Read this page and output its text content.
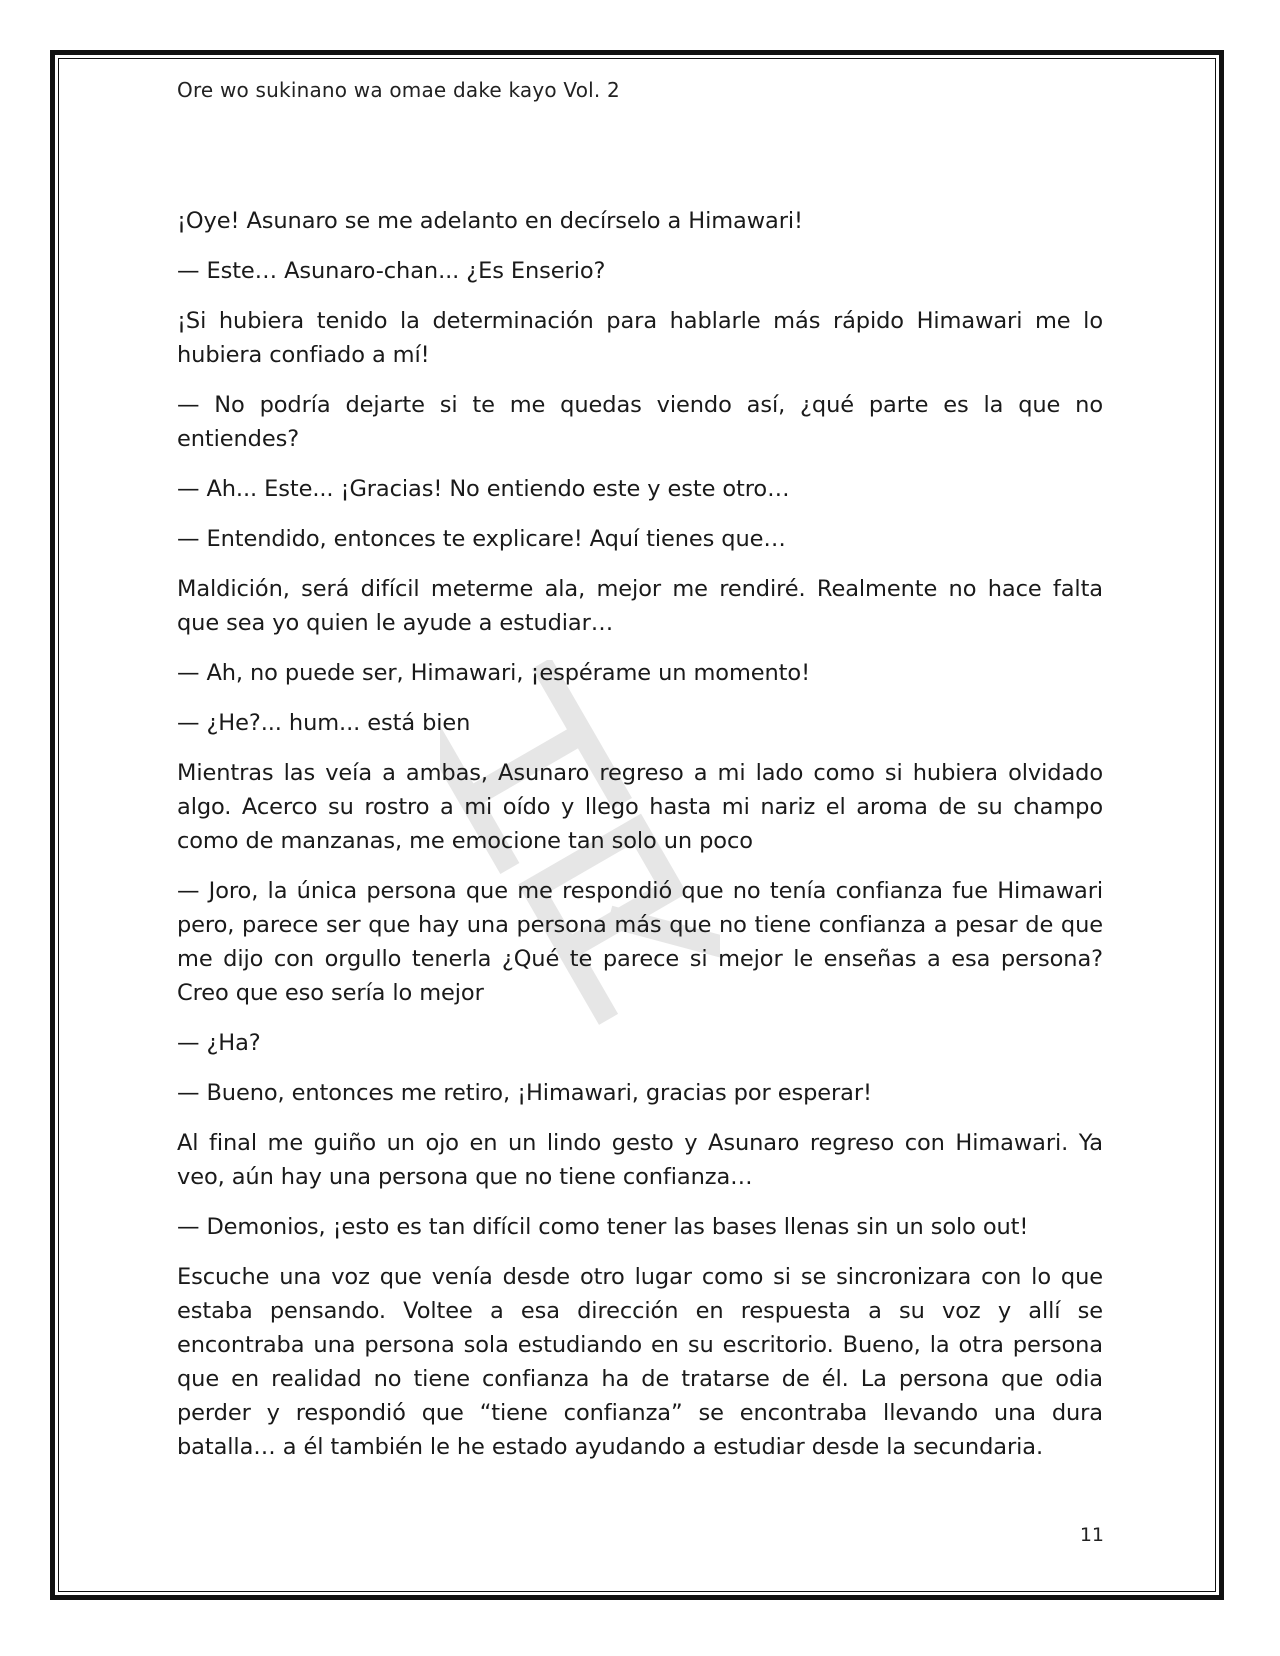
Ore wo sukinano wa omae dake kayo Vol. 2

¡Oye! Asunaro se me adelanto en decírselo a Himawari!

— Este… Asunaro-chan... ¿Es Enserio?

¡Si hubiera tenido la determinación para hablarle más rápido Himawari me lo hubiera confiado a mí!

— No podría dejarte si te me quedas viendo así, ¿qué parte es la que no entiendes?

— Ah... Este... ¡Gracias! No entiendo este y este otro…

— Entendido, entonces te explicare! Aquí tienes que…

Maldición, será difícil meterme ala, mejor me rendiré. Realmente no hace falta que sea yo quien le ayude a estudiar…

— Ah, no puede ser, Himawari, ¡espérame un momento!

— ¿He?... hum... está bien

Mientras las veía a ambas, Asunaro regreso a mi lado como si hubiera olvidado algo. Acerco su rostro a mi oído y llego hasta mi nariz el aroma de su champo como de manzanas, me emocione tan solo un poco

— Joro, la única persona que me respondió que no tenía confianza fue Himawari pero, parece ser que hay una persona más que no tiene confianza a pesar de que me dijo con orgullo tenerla ¿Qué te parece si mejor le enseñas a esa persona? Creo que eso sería lo mejor

— ¿Ha?

— Bueno, entonces me retiro, ¡Himawari, gracias por esperar!

Al final me guiño un ojo en un lindo gesto y Asunaro regreso con Himawari. Ya veo, aún hay una persona que no tiene confianza…

— Demonios, ¡esto es tan difícil como tener las bases llenas sin un solo out!

Escuche una voz que venía desde otro lugar como si se sincronizara con lo que estaba pensando. Voltee a esa dirección en respuesta a su voz y allí se encontraba una persona sola estudiando en su escritorio. Bueno, la otra persona que en realidad no tiene confianza ha de tratarse de él. La persona que odia perder y respondió que “tiene confianza” se encontraba llevando una dura batalla… a él también le he estado ayudando a estudiar desde la secundaria.

11
